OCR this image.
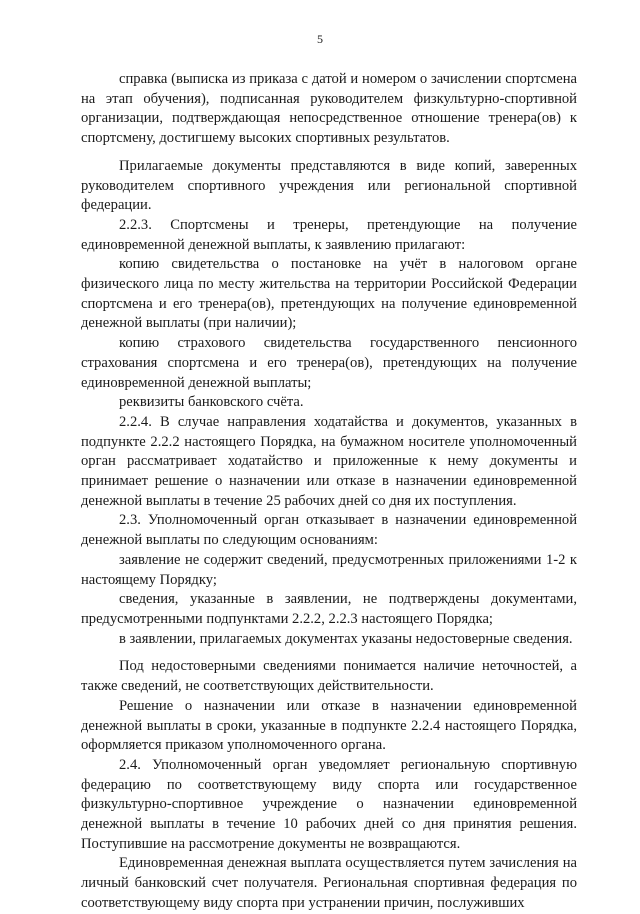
5

справка (выписка из приказа с датой и номером о зачислении спортсмена на этап обучения), подписанная руководителем физкультурно-спортивной организации, подтверждающая непосредственное отношение тренера(ов) к спортсмену, достигшему высоких спортивных результатов.

Прилагаемые документы представляются в виде копий, заверенных руководителем спортивного учреждения или региональной спортивной федерации.

2.2.3. Спортсмены и тренеры, претендующие на получение единовременной денежной выплаты, к заявлению прилагают:

копию свидетельства о постановке на учёт в налоговом органе физического лица по месту жительства на территории Российской Федерации спортсмена и его тренера(ов), претендующих на получение единовременной денежной выплаты (при наличии);

копию страхового свидетельства государственного пенсионного страхования спортсмена и его тренера(ов), претендующих на получение единовременной денежной выплаты;

реквизиты банковского счёта.

2.2.4. В случае направления ходатайства и документов, указанных в подпункте 2.2.2 настоящего Порядка, на бумажном носителе уполномоченный орган рассматривает ходатайство и приложенные к нему документы и принимает решение о назначении или отказе в назначении единовременной денежной выплаты в течение 25 рабочих дней со дня их поступления.

2.3. Уполномоченный орган отказывает в назначении единовременной денежной выплаты по следующим основаниям:

заявление не содержит сведений, предусмотренных приложениями 1-2 к настоящему Порядку;

сведения, указанные в заявлении, не подтверждены документами, предусмотренными подпунктами 2.2.2, 2.2.3 настоящего Порядка;

в заявлении, прилагаемых документах указаны недостоверные сведения.

Под недостоверными сведениями понимается наличие неточностей, а также сведений, не соответствующих действительности.

Решение о назначении или отказе в назначении единовременной денежной выплаты в сроки, указанные в подпункте 2.2.4 настоящего Порядка, оформляется приказом уполномоченного органа.

2.4. Уполномоченный орган уведомляет региональную спортивную федерацию по соответствующему виду спорта или государственное физкультурно-спортивное учреждение о назначении единовременной денежной выплаты в течение 10 рабочих дней со дня принятия решения. Поступившие на рассмотрение документы не возвращаются.

Единовременная денежная выплата осуществляется путем зачисления на личный банковский счет получателя. Региональная спортивная федерация по соответствующему виду спорта при устранении причин, послуживших
